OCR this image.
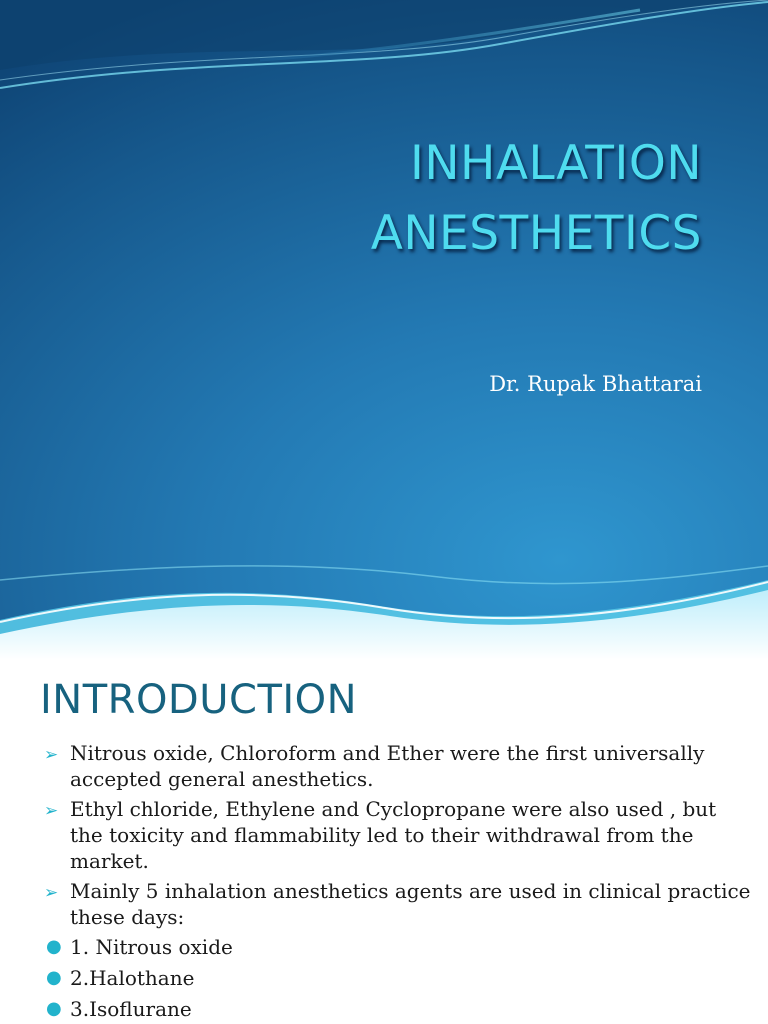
INHALATION
ANESTHETICS
Dr. Rupak Bhattarai
INTRODUCTION
➢ Nitrous oxide, Chloroform and Ether were the first universally accepted general anesthetics.
➢ Ethyl chloride, Ethylene and Cyclopropane were also used , but the toxicity and flammability led to their withdrawal from the market.
➢ Mainly 5 inhalation anesthetics agents are used in clinical practice these days:
● 1. Nitrous oxide
● 2.Halothane
● 3.Isoflurane
